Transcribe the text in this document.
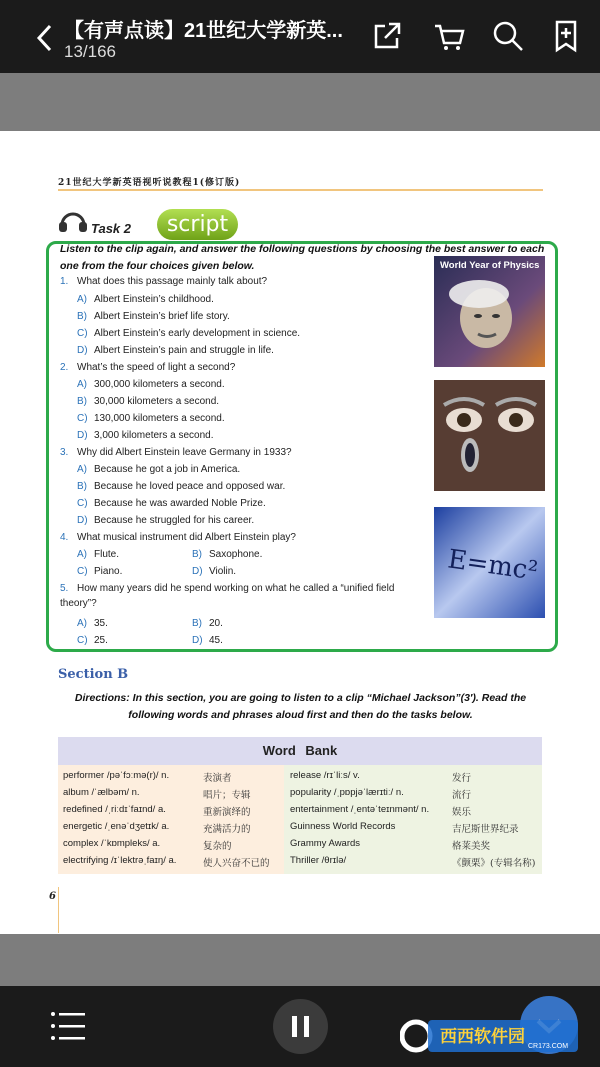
【有声点读】21世纪大学新英...
13/166
21世纪大学新英语视听说教程1(修订版)
Task 2	script
Listen to the clip again, and answer the following questions by choosing the best answer to each one from the four choices given below.
1. What does this passage mainly talk about?
A) Albert Einstein’s childhood.
B) Albert Einstein’s brief life story.
C) Albert Einstein’s early development in science.
D) Albert Einstein’s pain and struggle in life.
2. What’s the speed of light a second?
A) 300,000 kilometers a second.
B) 30,000 kilometers a second.
C) 130,000 kilometers a second.
D) 3,000 kilometers a second.
3. Why did Albert Einstein leave Germany in 1933?
A) Because he got a job in America.
B) Because he loved peace and opposed war.
C) Because he was awarded Noble Prize.
D) Because he struggled for his career.
4. What musical instrument did Albert Einstein play?
A) Flute.	B) Saxophone.
C) Piano.	D) Violin.
5. How many years did he spend working on what he called a “unified field theory”?
A) 35.	B) 20.
C) 25.	D) 45.
World Year of Physics
E=mc²
Section B
Directions: In this section, you are going to listen to a clip “Michael Jackson”(3′). Read the following words and phrases aloud first and then do the tasks below.
Word Bank
performer /pəˈfɔːmə(r)/ n.	表演者
album /ˈælbəm/ n.	唱片；专辑
redefined /ˌriːdɪˈfaɪnd/ a.	重新演绎的
energetic /ˌenəˈdʒetɪk/ a.	充满活力的
complex /ˈkɒmpleks/ a.	复杂的
electrifying /ɪˈlektrəˌfaɪŋ/ a.	使人兴奋不已的
release /rɪˈliːs/ v.	发行
popularity /ˌpɒpjəˈlærɪtiː/ n.	流行
entertainment /ˌentəˈteɪnmənt/ n. 娱乐
Guinness World Records	吉尼斯世界纪录
Grammy Awards	格莱美奖
Thriller /θrɪlə/	《颤栗》(专辑名称)
6
西西软件园 CR173.COM
